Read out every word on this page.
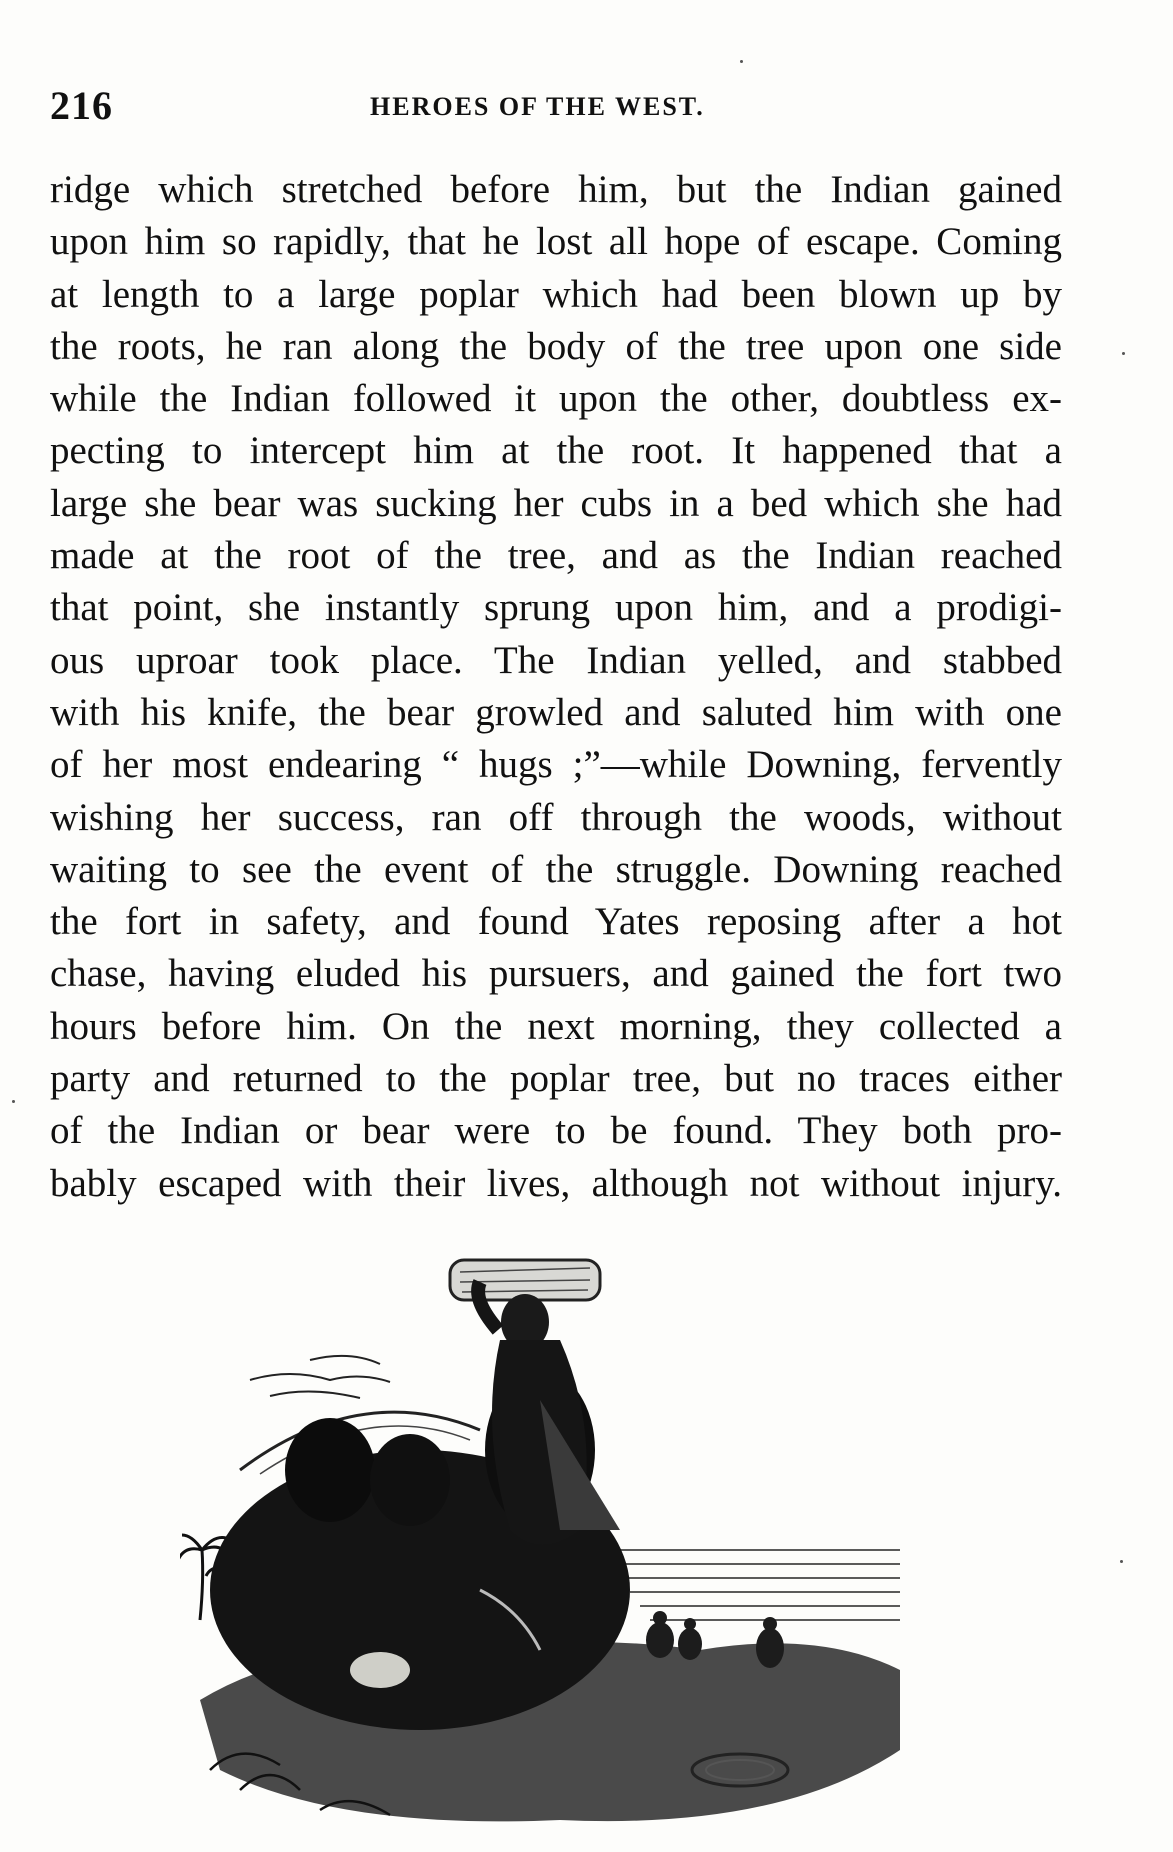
216	HEROES OF THE WEST.
ridge which stretched before him, but the Indian gained
upon him so rapidly, that he lost all hope of escape. Coming
at length to a large poplar which had been blown up by
the roots, he ran along the body of the tree upon one side
while the Indian followed it upon the other, doubtless ex-
pecting to intercept him at the root. It happened that a
large she bear was sucking her cubs in a bed which she had
made at the root of the tree, and as the Indian reached
that point, she instantly sprung upon him, and a prodigi-
ous uproar took place. The Indian yelled, and stabbed
with his knife, the bear growled and saluted him with one
of her most endearing “ hugs ;”—while Downing, fervently
wishing her success, ran off through the woods, without
waiting to see the event of the struggle. Downing reached
the fort in safety, and found Yates reposing after a hot
chase, having eluded his pursuers, and gained the fort two
hours before him. On the next morning, they collected a
party and returned to the poplar tree, but no traces either
of the Indian or bear were to be found. They both pro-
bably escaped with their lives, although not without injury.
